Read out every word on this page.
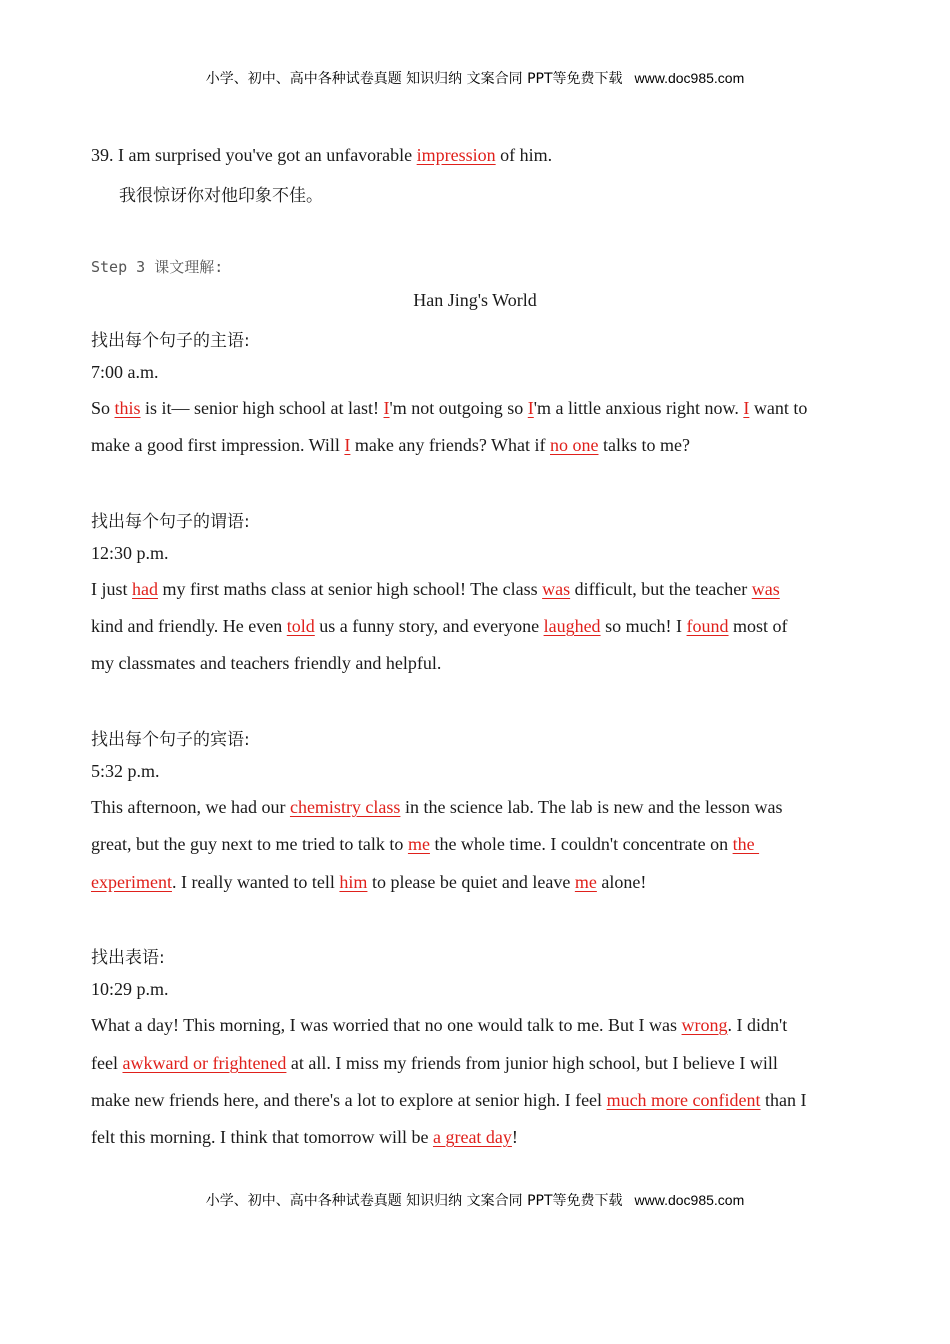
小学、初中、高中各种试卷真题 知识归纳 文案合同 PPT等免费下载 www.doc985.com
39. I am surprised you've got an unfavorable impression of him.
我很惊讶你对他印象不佳。
Step 3 课文理解:
Han Jing's World
找出每个句子的主语:
7:00 a.m.
So this is it— senior high school at last! I'm not outgoing so I'm a little anxious right now. I want to
make a good first impression. Will I make any friends? What if no one talks to me?
找出每个句子的谓语:
12:30 p.m.
I just had my first maths class at senior high school! The class was difficult, but the teacher was
kind and friendly. He even told us a funny story, and everyone laughed so much! I found most of
my classmates and teachers friendly and helpful.
找出每个句子的宾语:
5:32 p.m.
This afternoon, we had our chemistry class in the science lab. The lab is new and the lesson was
great, but the guy next to me tried to talk to me the whole time. I couldn't concentrate on the
experiment. I really wanted to tell him to please be quiet and leave me alone!
找出表语:
10:29 p.m.
What a day! This morning, I was worried that no one would talk to me. But I was wrong. I didn't
feel awkward or frightened at all. I miss my friends from junior high school, but I believe I will
make new friends here, and there's a lot to explore at senior high. I feel much more confident than I
felt this morning. I think that tomorrow will be a great day!
小学、初中、高中各种试卷真题 知识归纳 文案合同 PPT等免费下载 www.doc985.com
